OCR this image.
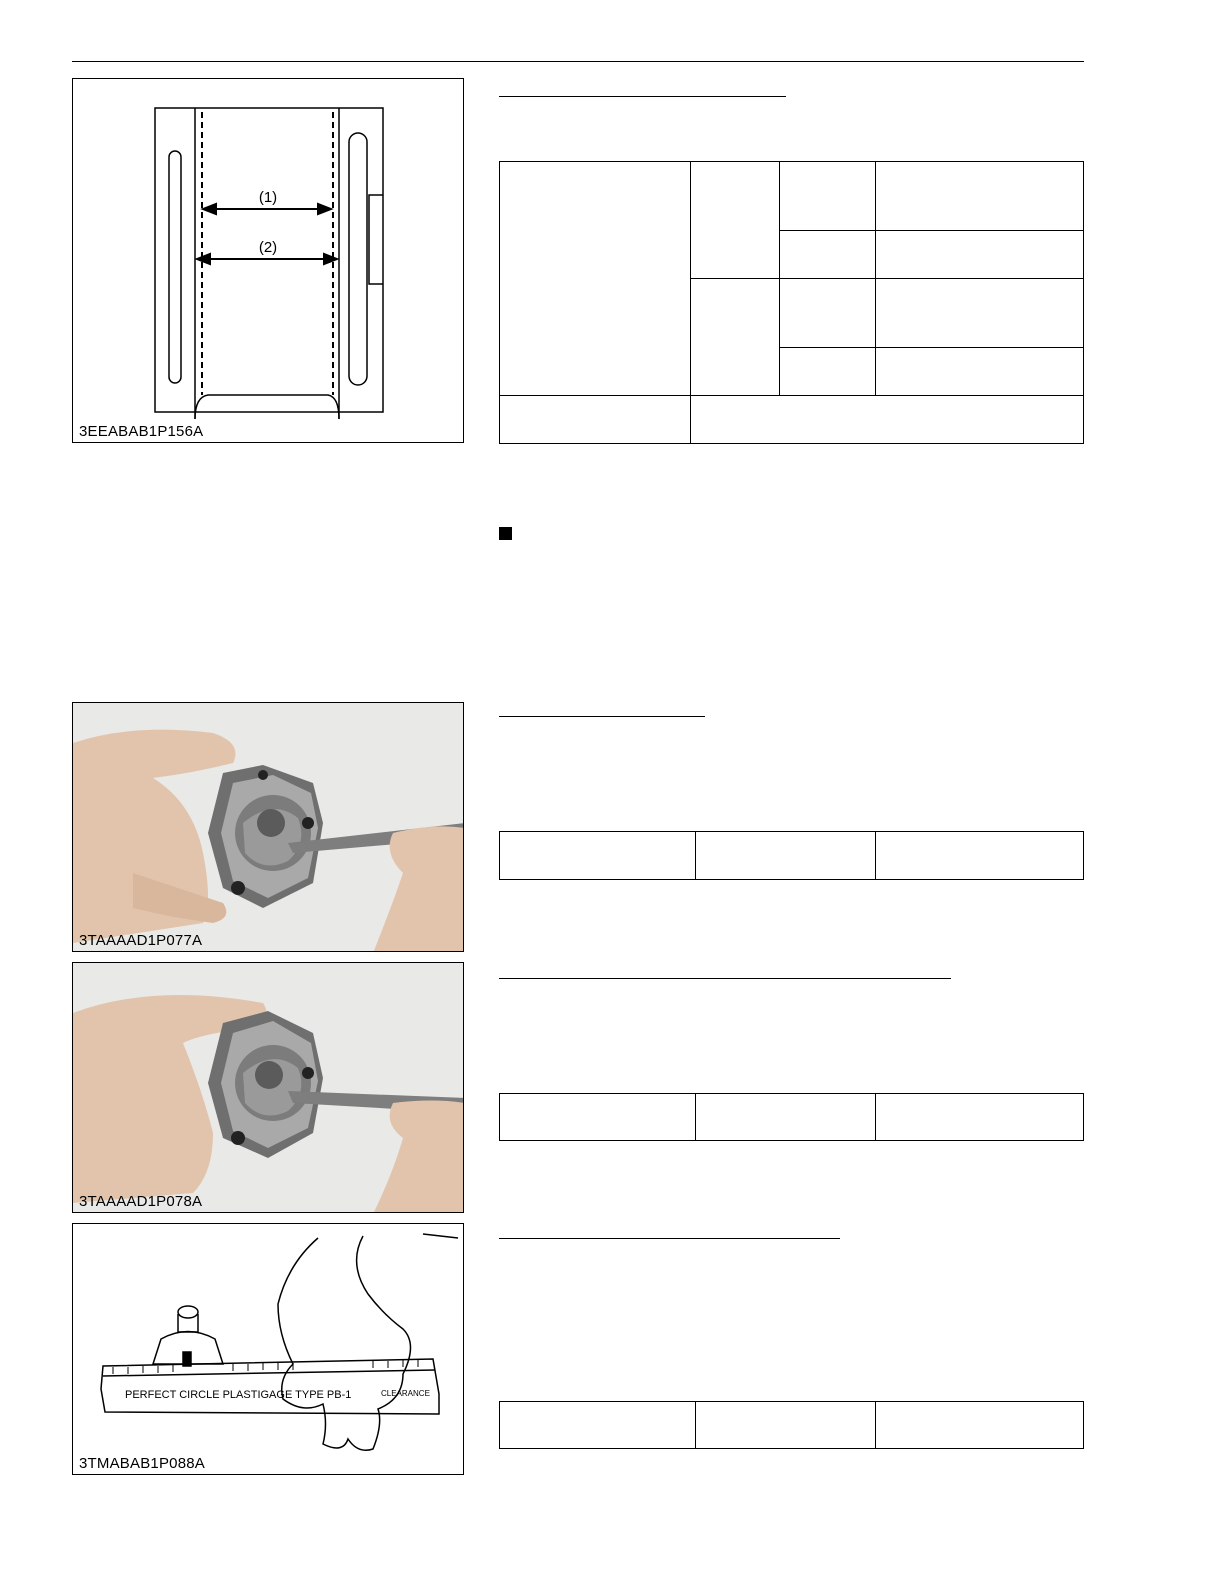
(1)
(2)
3EEABAB1P156A
3TAAAAD1P077A
3TAAAAD1P078A
PERFECT CIRCLE PLASTIGAGE TYPE PB-1	CLEARANCE
3TMABAB1P088A
